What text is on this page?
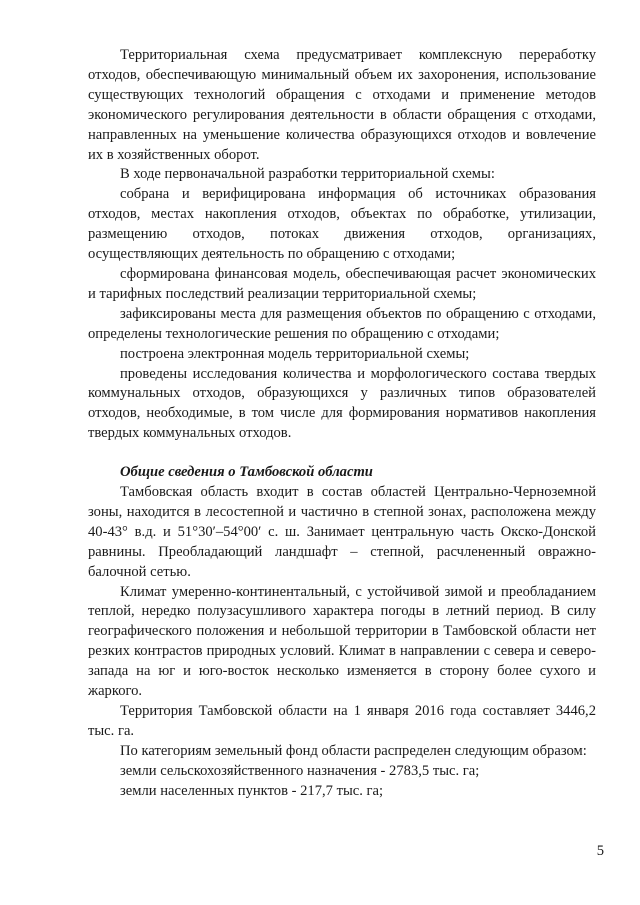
Территориальная схема предусматривает комплексную переработку отходов, обеспечивающую минимальный объем их захоронения, использование существующих технологий обращения с отходами и применение методов экономического регулирования деятельности в области обращения с отходами, направленных на уменьшение количества образующихся отходов и вовлечение их в хозяйственных оборот.

В ходе первоначальной разработки территориальной схемы:

собрана и верифицирована информация об источниках образования отходов, местах накопления отходов, объектах по обработке, утилизации, размещению отходов, потоках движения отходов, организациях, осуществляющих деятельность по обращению с отходами;

сформирована финансовая модель, обеспечивающая расчет экономических и тарифных последствий реализации территориальной схемы;

зафиксированы места для размещения объектов по обращению с отходами, определены технологические решения по обращению с отходами;

построена электронная модель территориальной схемы;

проведены исследования количества и морфологического состава твердых коммунальных отходов, образующихся у различных типов образователей отходов, необходимые, в том числе для формирования нормативов накопления твердых коммунальных отходов.

Общие сведения о Тамбовской области

Тамбовская область входит в состав областей Центрально-Черноземной зоны, находится в лесостепной и частично в степной зонах, расположена между 40-43° в.д. и 51°30′–54°00′ с. ш. Занимает центральную часть Окско-Донской равнины. Преобладающий ландшафт – степной, расчлененный овражно-балочной сетью.

Климат умеренно-континентальный, с устойчивой зимой и преобладанием теплой, нередко полузасушливого характера погоды в летний период. В силу географического положения и небольшой территории в Тамбовской области нет резких контрастов природных условий. Климат в направлении с севера и северо-запада на юг и юго-восток несколько изменяется в сторону более сухого и жаркого.

Территория Тамбовской области на 1 января 2016 года составляет 3446,2 тыс. га.

По категориям земельный фонд области распределен следующим образом:

земли сельскохозяйственного назначения - 2783,5 тыс. га;

земли населенных пунктов - 217,7 тыс. га;

5
